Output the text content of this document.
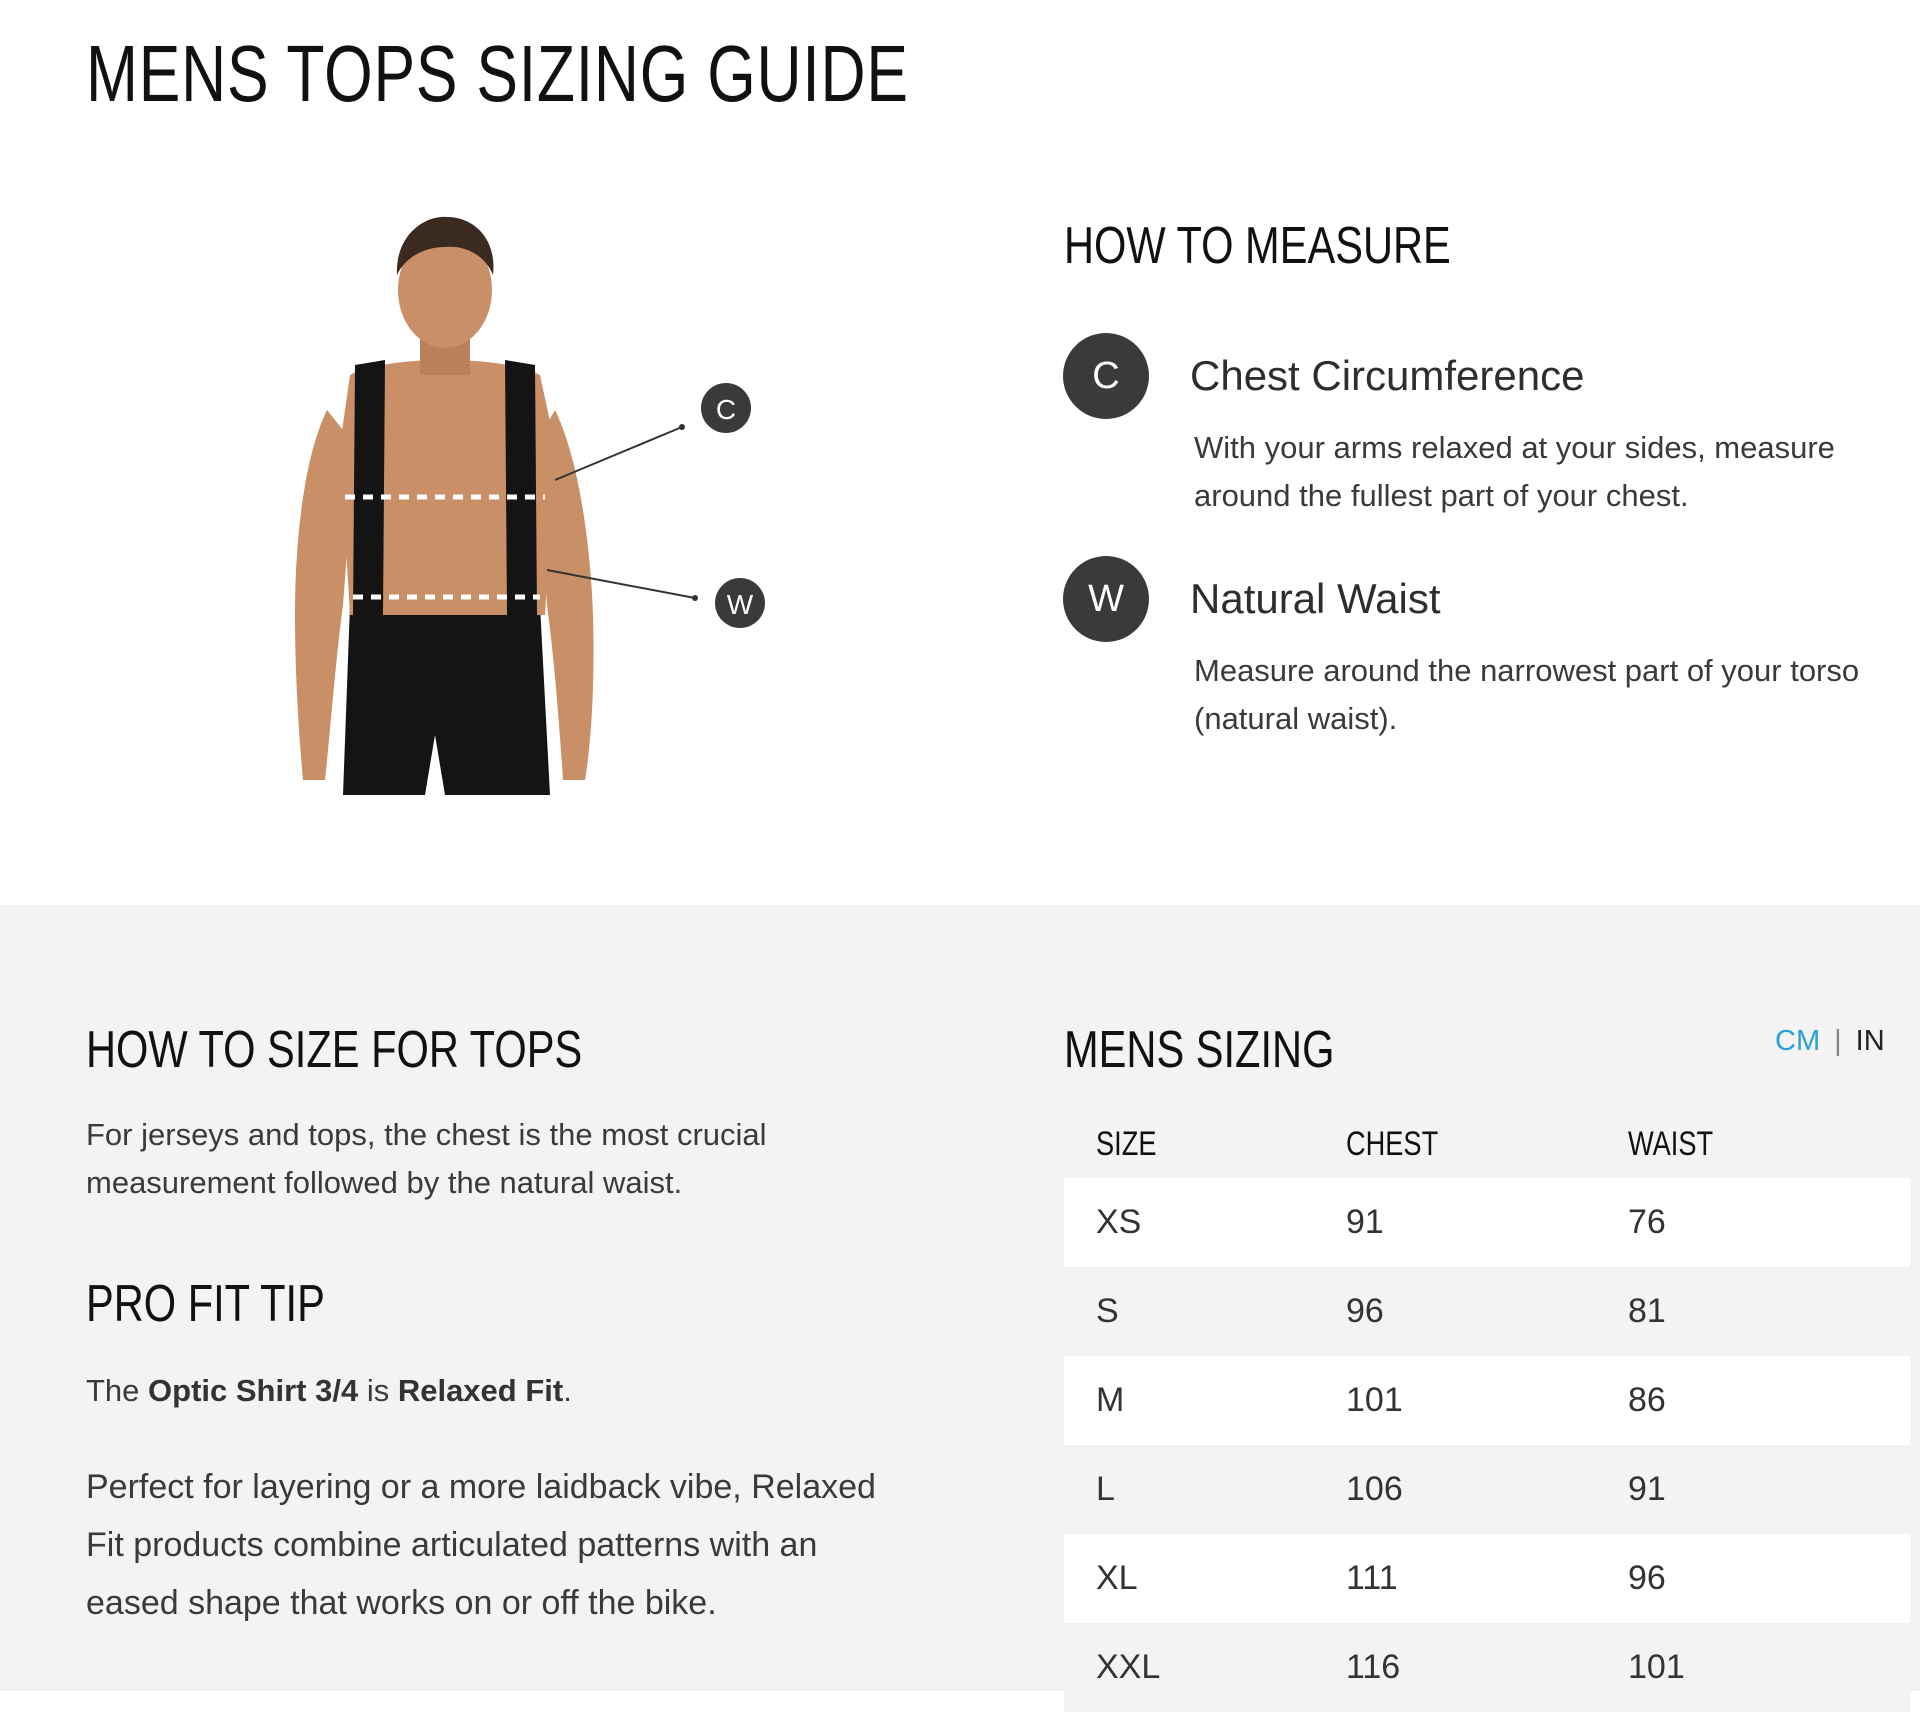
MENS TOPS SIZING GUIDE
C
W
HOW TO MEASURE
C	Chest Circumference

With your arms relaxed at your sides, measure around the fullest part of your chest.

W	Natural Waist

Measure around the narrowest part of your torso (natural waist).

HOW TO SIZE FOR TOPS

For jerseys and tops, the chest is the most crucial measurement followed by the natural waist.

PRO FIT TIP

The Optic Shirt 3/4 is Relaxed Fit.

Perfect for layering or a more laidback vibe, Relaxed Fit products combine articulated patterns with an eased shape that works on or off the bike.

MENS SIZING	CM | IN
SIZE	CHEST	WAIST
XS	91	76
S	96	81
M	101	86
L	106	91
XL	111	96
XXL	116	101
